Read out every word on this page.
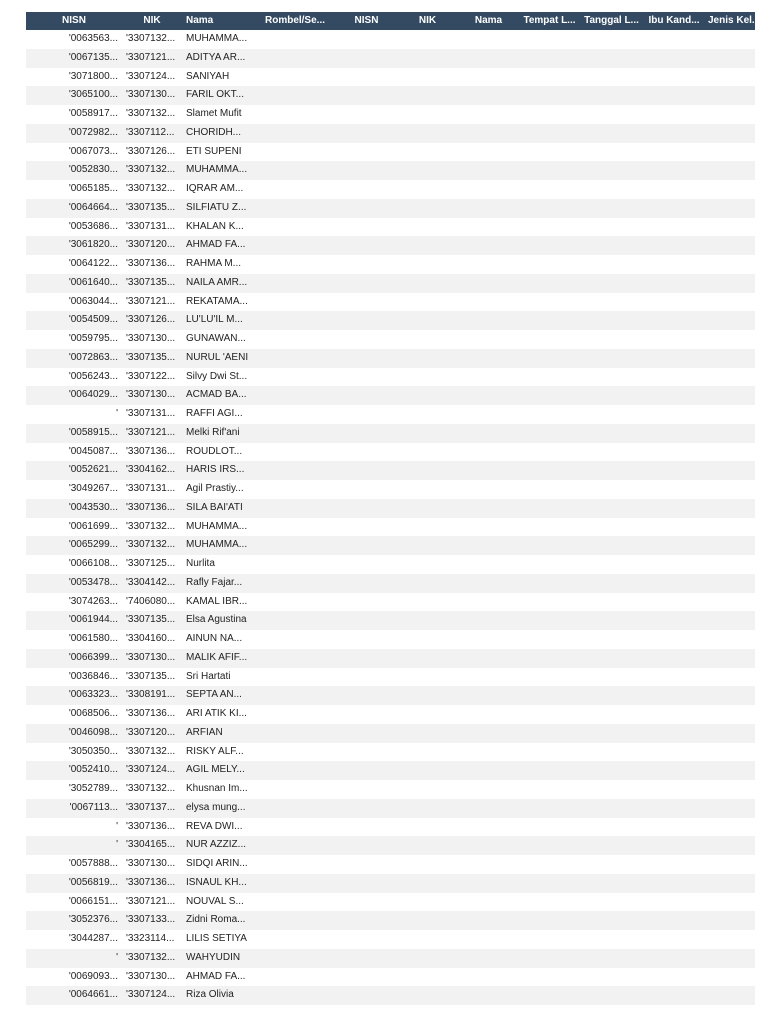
NISN	NIK	Nama	Rombel/Se...	NISN	NIK	Nama	Tempat L... Tanggal L... Ibu Kand... Jenis Kel...
'0063563... '3307132...	MUHAMMA...
'0067135... '3307121...	ADITYA AR...
'3071800... '3307124...	SANIYAH
'3065100... '3307130...	FARIL OKT...
'0058917... '3307132...	Slamet Mufit
'0072982... '3307112...	CHORIDH...
'0067073... '3307126...	ETI SUPENI
'0052830... '3307132...	MUHAMMA...
'0065185... '3307132...	IQRAR AM...
'0064664... '3307135...	SILFIATU Z...
'0053686... '3307131...	KHALAN K...
'3061820... '3307120...	AHMAD FA...
'0064122... '3307136...	RAHMA M...
'0061640... '3307135...	NAILA AMR...
'0063044... '3307121...	REKATAMA...
'0054509... '3307126...	LU'LU'IL M...
'0059795... '3307130...	GUNAWAN...
'0072863... '3307135...	NURUL 'AENI
'0056243... '3307122...	Silvy Dwi St...
'0064029... '3307130...	ACMAD BA...
' '3307131...	RAFFI AGI...
'0058915... '3307121...	Melki Rif'ani
'0045087... '3307136...	ROUDLOT...
'0052621... '3304162...	HARIS IRS...
'3049267... '3307131...	Agil Prastiy...
'0043530... '3307136...	SILA BAI'ATI
'0061699... '3307132...	MUHAMMA...
'0065299... '3307132...	MUHAMMA...
'0066108... '3307125...	Nurlita
'0053478... '3304142...	Rafly Fajar...
'3074263... '7406080...	KAMAL IBR...
'0061944... '3307135...	Elsa Agustina
'0061580... '3304160...	AINUN NA...
'0066399... '3307130...	MALIK AFIF...
'0036846... '3307135...	Sri Hartati
'0063323... '3308191...	SEPTA AN...
'0068506... '3307136...	ARI ATIK KI...
'0046098... '3307120...	ARFIAN
'3050350... '3307132...	RISKY ALF...
'0052410... '3307124...	AGIL MELY...
'3052789... '3307132...	Khusnan Im...
'0067113... '3307137...	elysa mung...
' '3307136...	REVA DWI...
' '3304165...	NUR AZZIZ...
'0057888... '3307130...	SIDQI ARIN...
'0056819... '3307136...	ISNAUL KH...
'0066151... '3307121...	NOUVAL S...
'3052376... '3307133...	Zidni Roma...
'3044287... '3323114...	LILIS SETIYA
' '3307132...	WAHYUDIN
'0069093... '3307130...	AHMAD FA...
'0064661... '3307124...	Riza Olivia
